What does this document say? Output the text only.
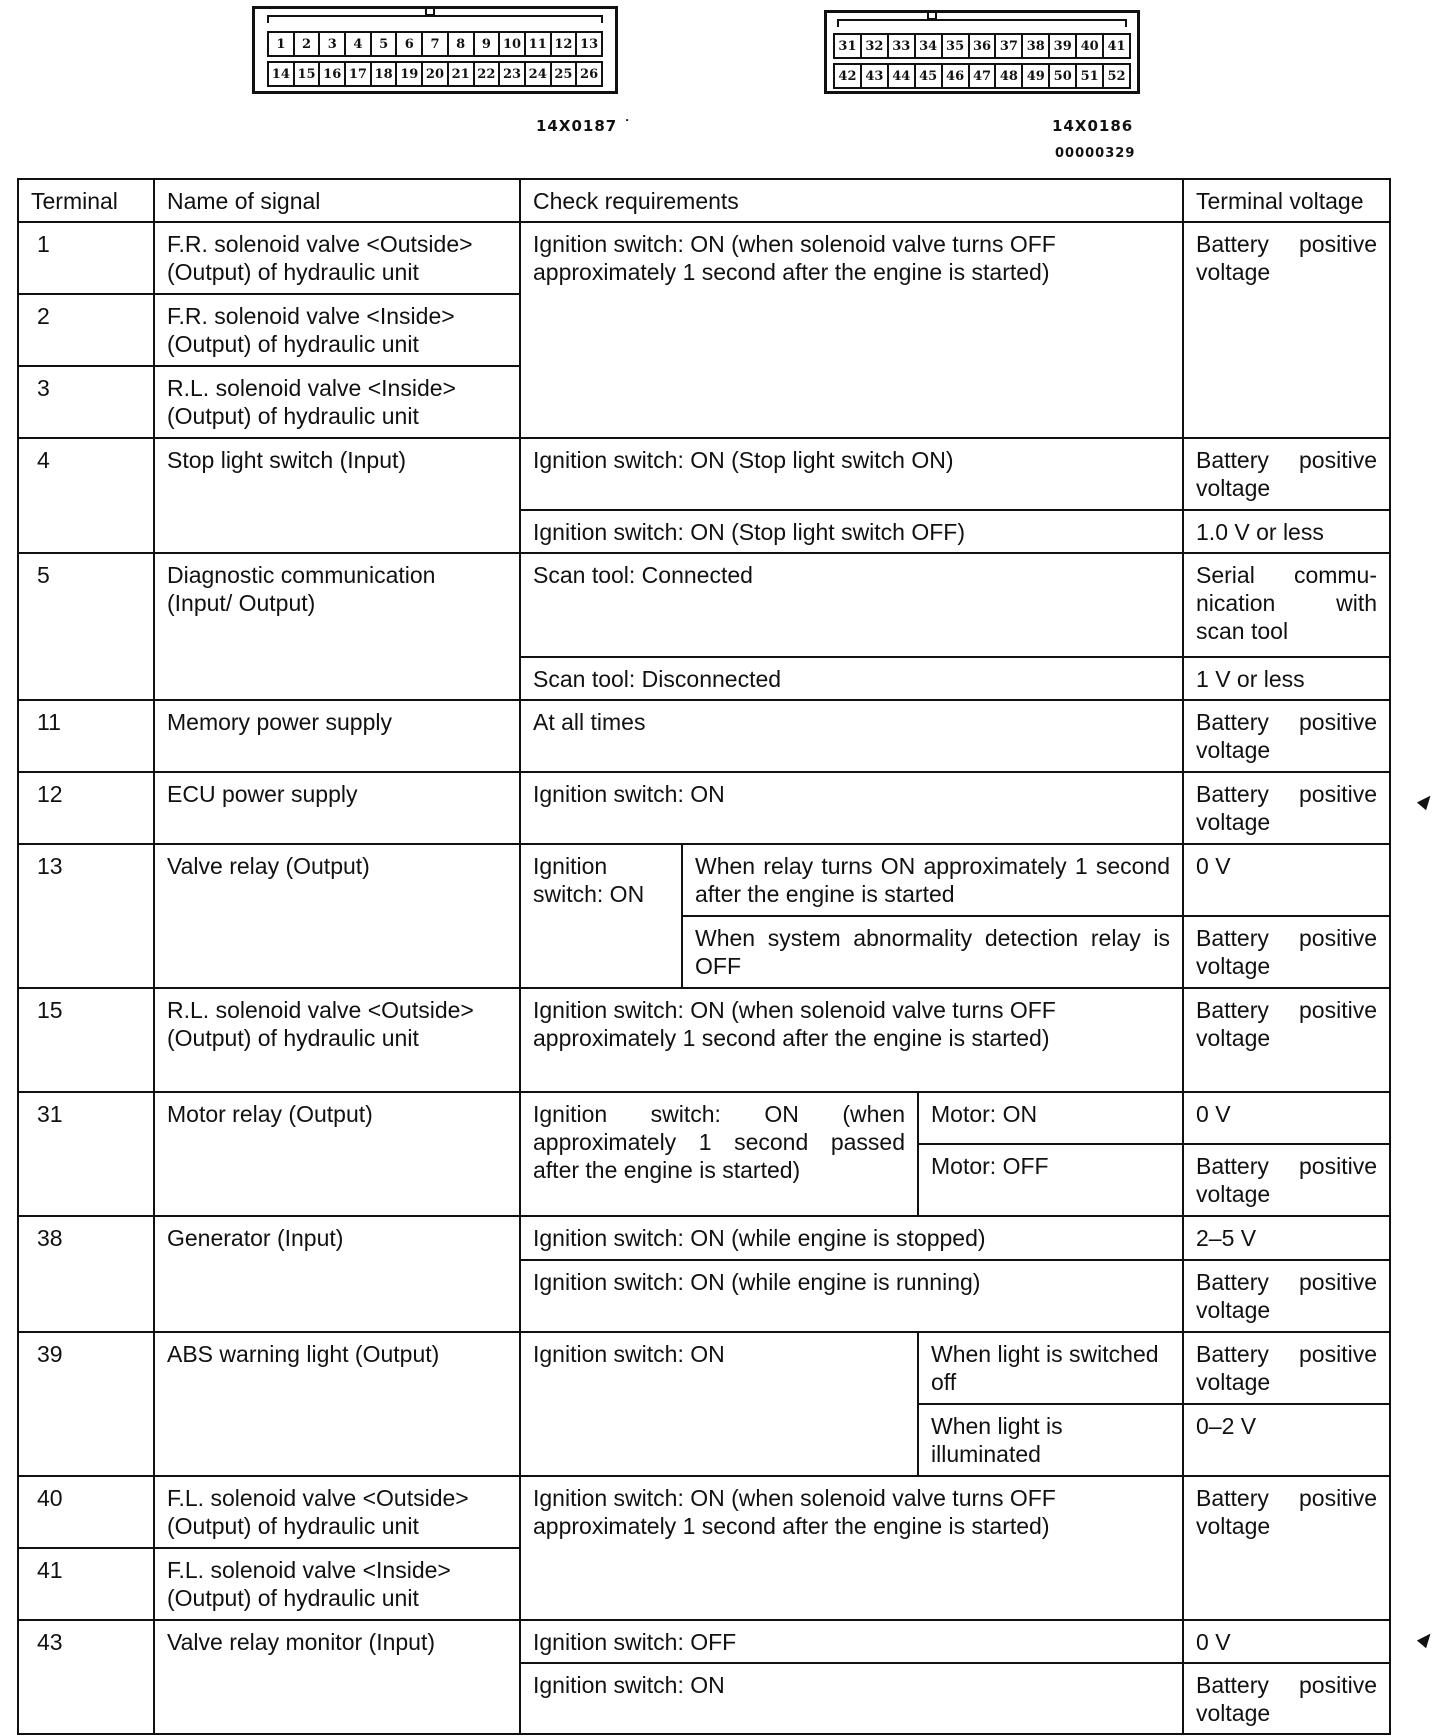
1	2	3	4	5	6	7	8	9 10 11 12 13
14 15 16 17 18 19 20 21 22 23 24 25 26
14X0187 ˙
31 32 33 34 35 36 37 38 39 40 41
42 43 44 45 46 47 48 49 50 51 52
14X0186
00000329
Terminal	Name of signal	Check requirements			Terminal voltage
1	F.R. solenoid valve <Outside> (Output) of hydraulic unit	Ignition switch: ON (when solenoid valve turns OFF approximately 1 second after the engine is started)			Battery positive voltage
2	F.R. solenoid valve <Inside> (Output) of hydraulic unit				
3	R.L. solenoid valve <Inside> (Output) of hydraulic unit				
4	Stop light switch (Input)	Ignition switch: ON (Stop light switch ON)			Battery positive voltage
		Ignition switch: ON (Stop light switch OFF)			1.0 V or less
5	Diagnostic communication (Input/ Output)	Scan tool: Connected			Serial commu-nication with scan tool
		Scan tool: Disconnected			1 V or less
11	Memory power supply	At all times			Battery positive voltage
12	ECU power supply	Ignition switch: ON			Battery positive voltage
13	Valve relay (Output)	Ignition switch: ON	When relay turns ON approximately 1 second after the engine is started		0 V
			When system abnormality detection relay is OFF		Battery positive voltage
15	R.L. solenoid valve <Outside> (Output) of hydraulic unit	Ignition switch: ON (when solenoid valve turns OFF approximately 1 second after the engine is started)			Battery positive voltage
31	Motor relay (Output)	Ignition switch: ON (when approximately 1 second passed after the engine is started)		Motor: ON	0 V
				Motor: OFF	Battery positive voltage
38	Generator (Input)	Ignition switch: ON (while engine is stopped)			2–5 V
		Ignition switch: ON (while engine is running)			Battery positive voltage
39	ABS warning light (Output)	Ignition switch: ON		When light is switched off	Battery positive voltage
				When light is illuminated	0–2 V
40	F.L. solenoid valve <Outside> (Output) of hydraulic unit	Ignition switch: ON (when solenoid valve turns OFF approximately 1 second after the engine is started)			Battery positive voltage
41	F.L. solenoid valve <Inside> (Output) of hydraulic unit				
43	Valve relay monitor (Input)	Ignition switch: OFF			0 V
		Ignition switch: ON			Battery positive voltage
